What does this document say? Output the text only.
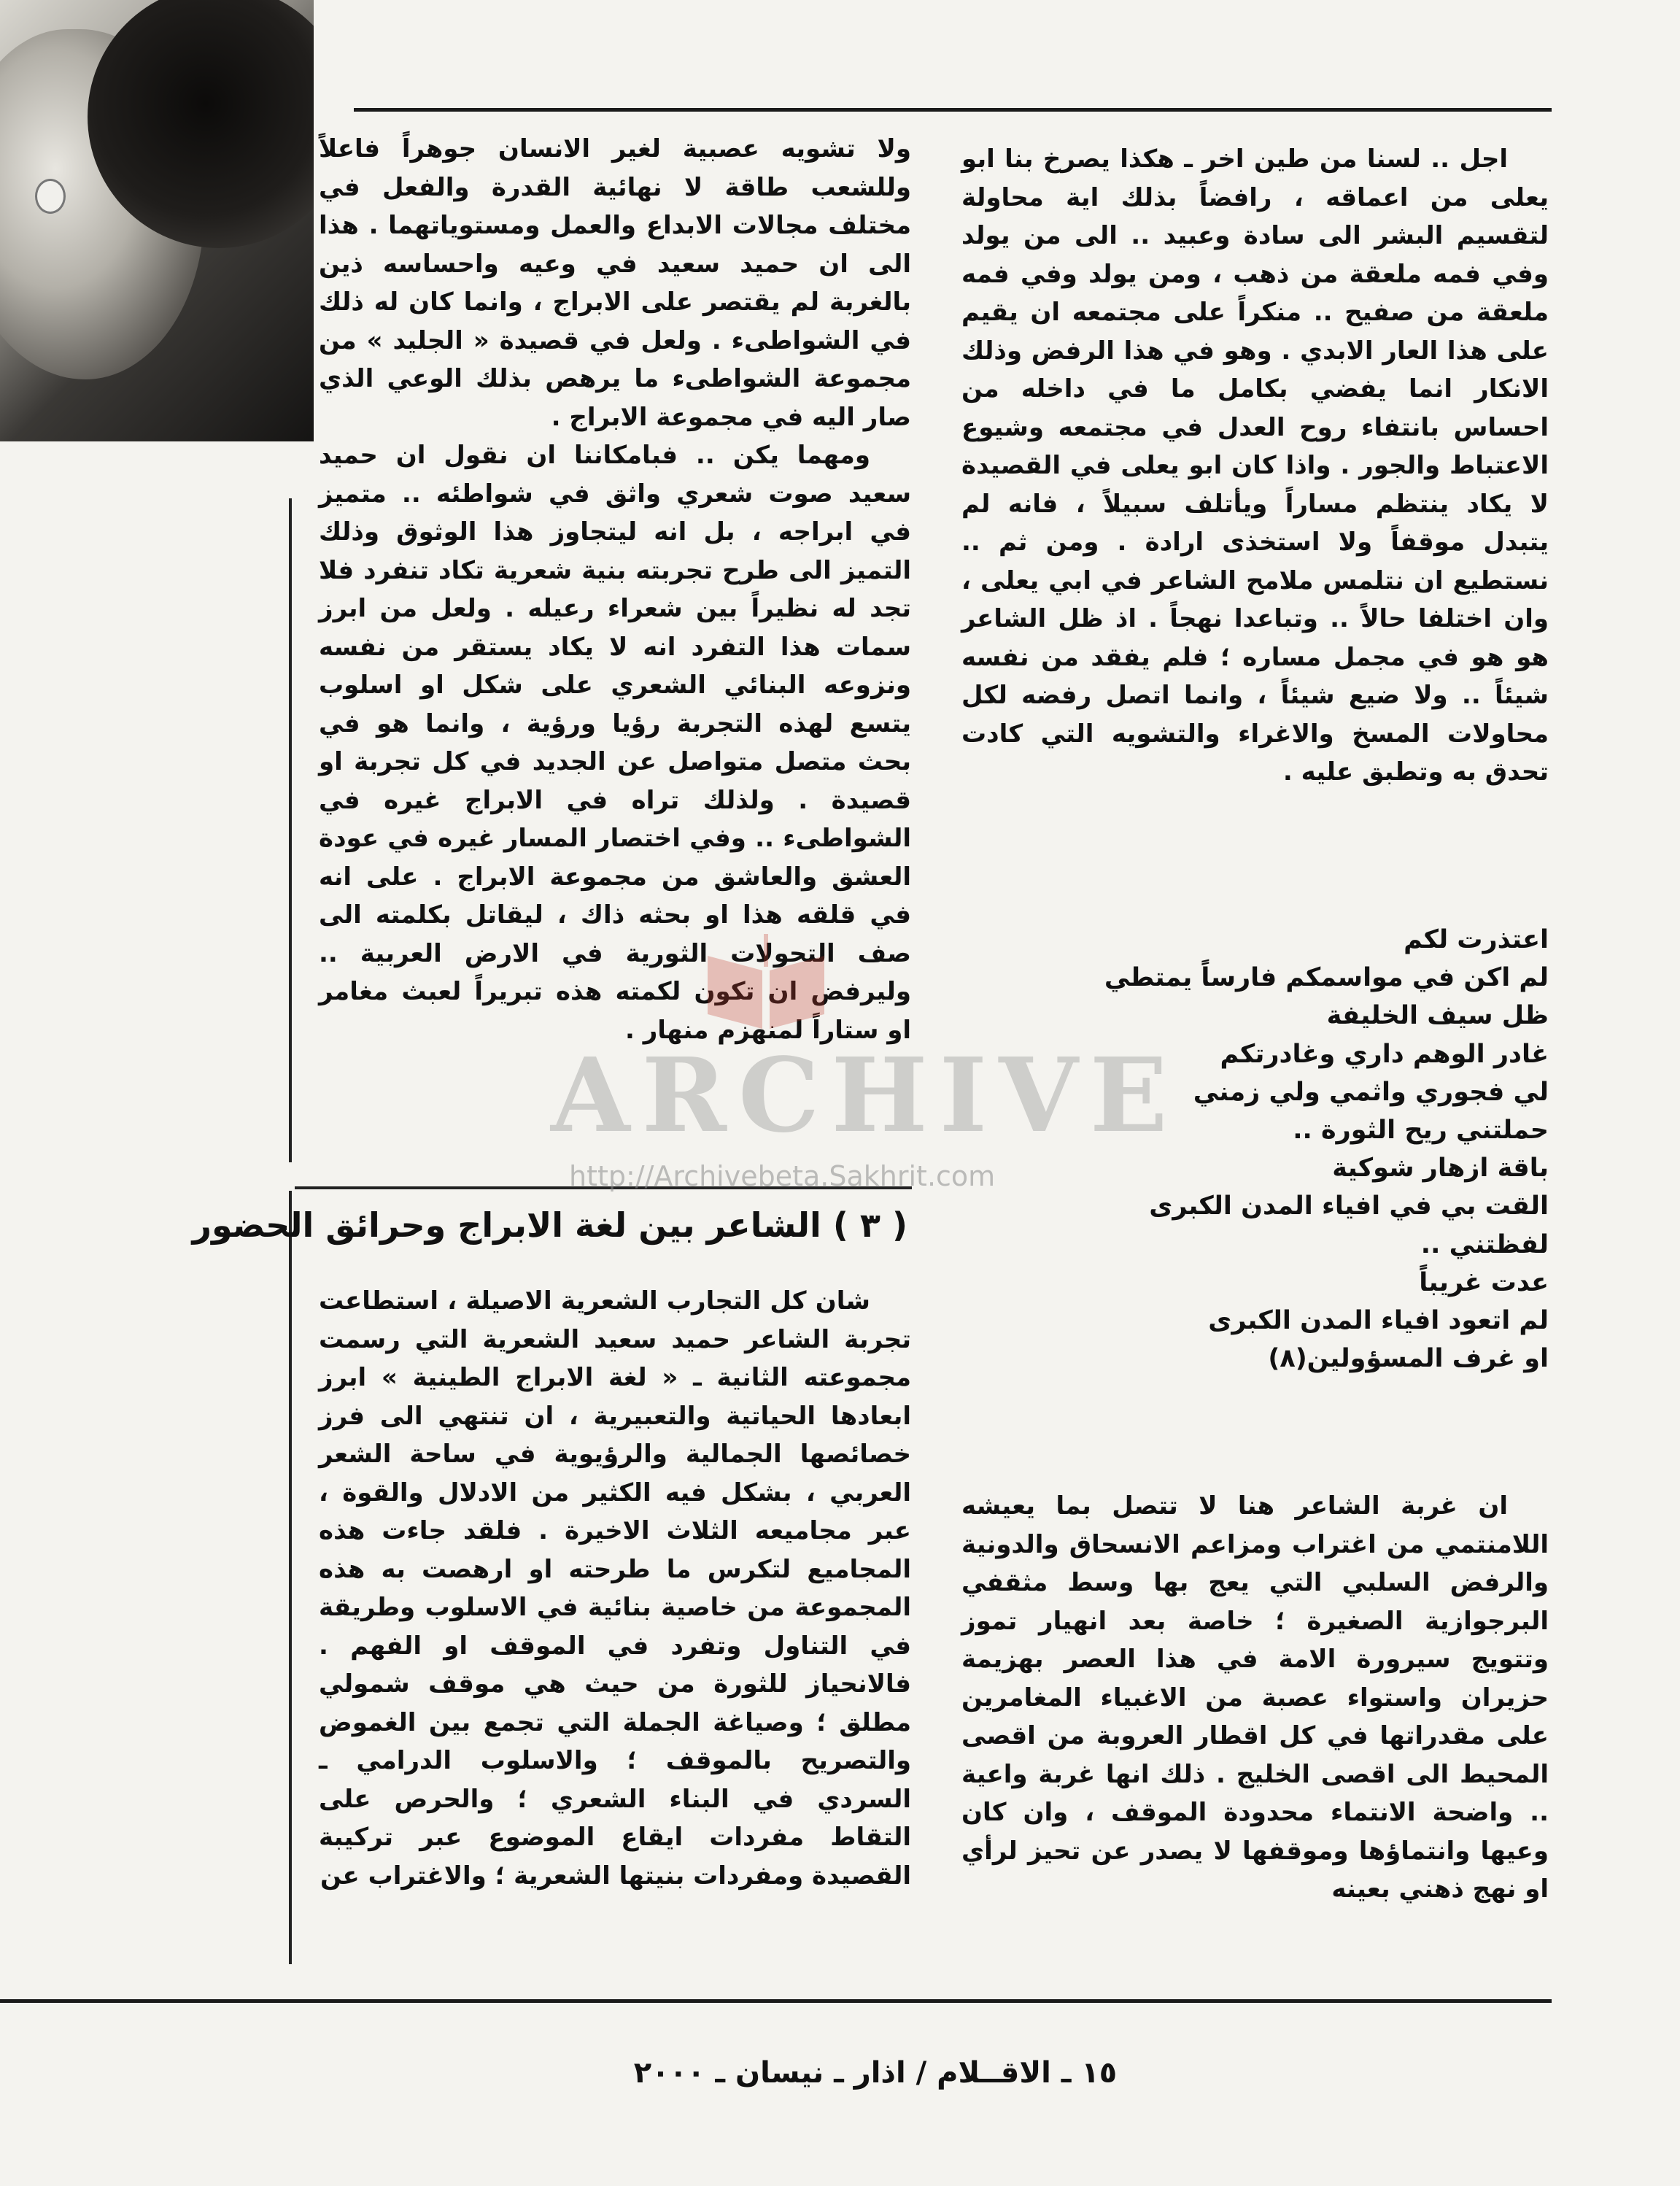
اجل .. لسنا من طين اخر ـ هكذا يصرخ بنا ابو يعلى من اعماقه ، رافضاً بذلك اية محاولة لتقسيم البشر الى سادة وعبيد .. الى من يولد وفي فمه ملعقة من ذهب ، ومن يولد وفي فمه ملعقة من صفيح .. منكراً على مجتمعه ان يقيم على هذا العار الابدي . وهو في هذا الرفض وذلك الانكار انما يفضي بكامل ما في داخله من احساس بانتفاء روح العدل في مجتمعه وشيوع الاعتباط والجور . واذا كان ابو يعلى في القصيدة لا يكاد ينتظم مساراً ويأتلف سبيلاً ، فانه لم يتبدل موقفاً ولا استخذى ارادة . ومن ثم .. نستطيع ان نتلمس ملامح الشاعر في ابي يعلى ، وان اختلفا حالاً .. وتباعدا نهجاً . اذ ظل الشاعر هو هو في مجمل مساره ؛ فلم يفقد من نفسه شيئاً .. ولا ضيع شيئاً ، وانما اتصل رفضه لكل محاولات المسخ والاغراء والتشويه التي كادت تحدق به وتطبق عليه .

اعتذرت لكم
لم اكن في مواسمكم فارساً يمتطي
ظل سيف الخليفة
غادر الوهم داري وغادرتكم
لي فجوري واثمي ولي زمني
حملتني ريح الثورة ..
باقة ازهار شوكية
القت بي في افياء المدن الكبرى
لفظتني ..
عدت غريباً
لم اتعود افياء المدن الكبرى
او غرف المسؤولين(٨)

ان غربة الشاعر هنا لا تتصل بما يعيشه اللامنتمي من اغتراب ومزاعم الانسحاق والدونية والرفض السلبي التي يعج بها وسط مثقفي البرجوازية الصغيرة ؛ خاصة بعد انهيار تموز وتتويج سيرورة الامة في هذا العصر بهزيمة حزيران واستواء عصبة من الاغبياء المغامرين على مقدراتها في كل اقطار العروبة من اقصى المحيط الى اقصى الخليج . ذلك انها غربة واعية .. واضحة الانتماء محدودة الموقف ، وان كان وعيها وانتماؤها وموقفها لا يصدر عن تحيز لرأي او نهج ذهني بعينه

ولا تشويه عصبية لغير الانسان جوهراً فاعلاً وللشعب طاقة لا نهائية القدرة والفعل في مختلف مجالات الابداع والعمل ومستوياتهما . هذا الى ان حميد سعيد في وعيه واحساسه ذين بالغربة لم يقتصر على الابراج ، وانما كان له ذلك في الشواطىء . ولعل في قصيدة « الجليد » من مجموعة الشواطىء ما يرهص بذلك الوعي الذي صار اليه في مجموعة الابراج .

ومهما يكن .. فبامكاننا ان نقول ان حميد سعيد صوت شعري واثق في شواطئه .. متميز في ابراجه ، بل انه ليتجاوز هذا الوثوق وذلك التميز الى طرح تجربته بنية شعرية تكاد تنفرد فلا تجد له نظيراً بين شعراء رعيله . ولعل من ابرز سمات هذا التفرد انه لا يكاد يستقر من نفسه ونزوعه البنائي الشعري على شكل او اسلوب يتسع لهذه التجربة رؤيا ورؤية ، وانما هو في بحث متصل متواصل عن الجديد في كل تجربة او قصيدة . ولذلك تراه في الابراج غيره في الشواطىء .. وفي اختصار المسار غيره في عودة العشق والعاشق من مجموعة الابراج . على انه في قلقه هذا او بحثه ذاك ، ليقاتل بكلمته الى صف التحولات الثورية في الارض العربية .. وليرفض ان تكون لكمته هذه تبريراً لعبث مغامر او ستاراً لمنهزم منهار .

( ٣ ) الشاعر بين لغة الابراج وحرائق الحضور

شان كل التجارب الشعرية الاصيلة ، استطاعت تجربة الشاعر حميد سعيد الشعرية التي رسمت مجموعته الثانية ـ « لغة الابراج الطينية » ابرز ابعادها الحياتية والتعبيرية ، ان تنتهي الى فرز خصائصها الجمالية والرؤيوية في ساحة الشعر العربي ، بشكل فيه الكثير من الادلال والقوة ، عبر مجاميعه الثلاث الاخيرة . فلقد جاءت هذه المجاميع لتكرس ما طرحته او ارهصت به هذه المجموعة من خاصية بنائية في الاسلوب وطريقة في التناول وتفرد في الموقف او الفهم . فالانحياز للثورة من حيث هي موقف شمولي مطلق ؛ وصياغة الجملة التي تجمع بين الغموض والتصريح بالموقف ؛ والاسلوب الدرامي ـ السردي في البناء الشعري ؛ والحرص على التقاط مفردات ايقاع الموضوع عبر تركيبة القصيدة ومفردات بنيتها الشعرية ؛ والاغتراب عن

ARCHIVE
http://Archivebeta.Sakhrit.com
١٥ ـ الاقــلام / اذار ـ نيسان ـ ٢٠٠٠
